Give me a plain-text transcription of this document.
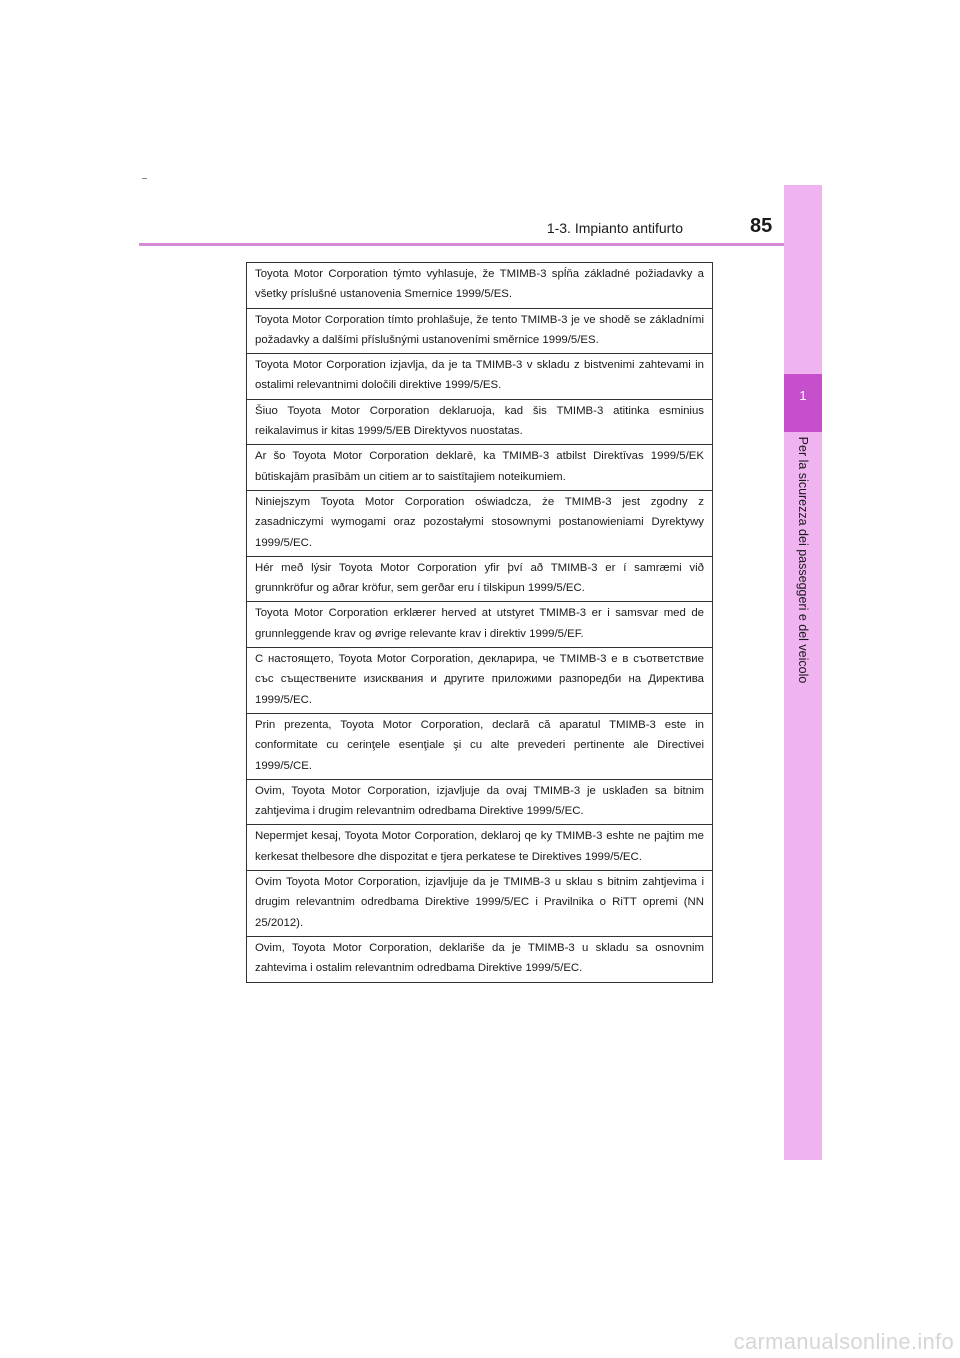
1-3. Impianto antifurto	85
1
Per la sicurezza dei passeggeri e del veicolo
Toyota Motor Corporation týmto vyhlasuje, že TMIMB-3 spĺňa základné požiadavky a všetky príslušné ustanovenia Smernice 1999/5/ES.
Toyota Motor Corporation tímto prohlašuje, že tento TMIMB-3 je ve shodě se základními požadavky a dalšími příslušnými ustanoveními směrnice 1999/5/ES.
Toyota Motor Corporation izjavlja, da je ta TMIMB-3 v skladu z bistvenimi zahtevami in ostalimi relevantnimi določili direktive 1999/5/ES.
Šiuo Toyota Motor Corporation deklaruoja, kad šis TMIMB-3 atitinka esminius reikalavimus ir kitas 1999/5/EB Direktyvos nuostatas.
Ar šo Toyota Motor Corporation deklarē, ka TMIMB-3 atbilst Direktīvas 1999/5/EK būtiskajām prasībām un citiem ar to saistītajiem noteikumiem.
Niniejszym Toyota Motor Corporation oświadcza, że TMIMB-3 jest zgodny z zasadniczymi wymogami oraz pozostałymi stosownymi postanowieniami Dyrektywy 1999/5/EC.
Hér með lýsir Toyota Motor Corporation yfir því að TMIMB-3 er í samræmi við grunnkröfur og aðrar kröfur, sem gerðar eru í tilskipun 1999/5/EC.
Toyota Motor Corporation erklærer herved at utstyret TMIMB-3 er i samsvar med de grunnleggende krav og øvrige relevante krav i direktiv 1999/5/EF.
С настоящето, Toyota Motor Corporation, декларира, че TMIMB-3 е в съответствие със съществените изисквания и другите приложими разпоредби на Директива 1999/5/ЕС.
Prin prezenta, Toyota Motor Corporation, declară că aparatul TMIMB-3 este in conformitate cu cerinţele esenţiale şi cu alte prevederi pertinente ale Directivei 1999/5/CE.
Ovim, Toyota Motor Corporation, izjavljuje da ovaj TMIMB-3 je usklađen sa bitnim zahtjevima i drugim relevantnim odredbama Direktive 1999/5/EC.
Nepermjet kesaj, Toyota Motor Corporation, deklaroj qe ky TMIMB-3 eshte ne pajtim me kerkesat thelbesore dhe dispozitat e tjera perkatese te Direktives 1999/5/EC.
Ovim Toyota Motor Corporation, izjavljuje da je TMIMB-3 u sklau s bitnim zahtjevima i drugim relevantnim odredbama Direktive 1999/5/EC i Pravilnika o RiTT opremi (NN 25/2012).
Ovim, Toyota Motor Corporation, deklariše da je TMIMB-3 u skladu sa osnovnim zahtevima i ostalim relevantnim odredbama Direktive 1999/5/EC.
carmanualsonline.info
